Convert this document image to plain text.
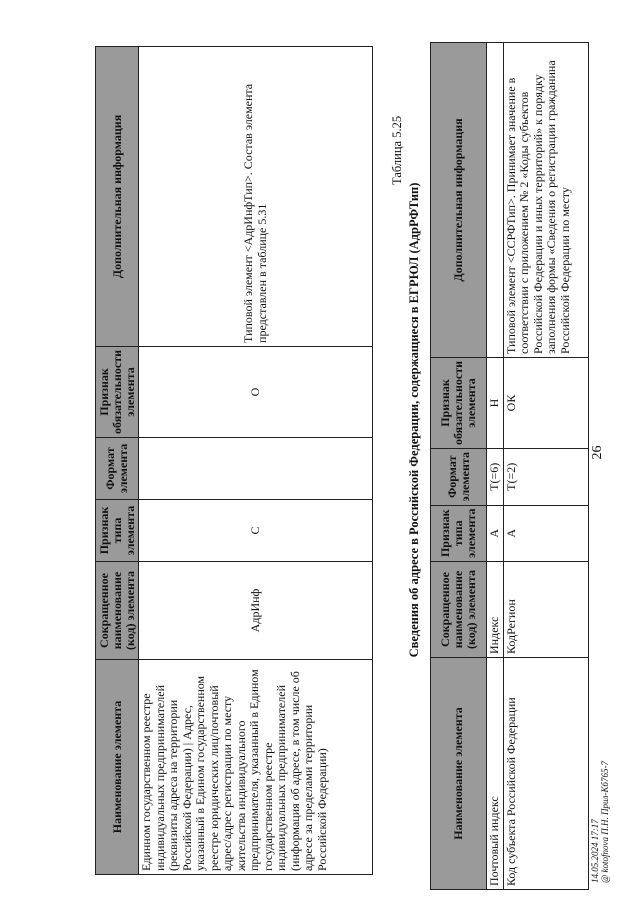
26
Наименование элемента	Сокращенное наименование (код) элемента	Признак типа элемента	Формат элемента	Признак обязательности элемента	Дополнительная информация
Единном государственном реестре индивидуальных предпринимателей (реквизиты адреса на территории Российской Федерации) | Адрес, указанный в Едином государственном реестре юридических лиц/почтовый адрес/адрес регистрации по месту жительства индивидуального предпринимателя, указанный в Едином государственном реестре индивидуальных предпринимателей (информация об адресе, в том числе об адресе за пределами территории Российской Федерации)	АдрИнф	С		О	Типовой элемент <АдрИнфТип>. Состав элемента представлен в таблице 5.31
Таблица 5.25
Сведения об адресе в Российской Федерации, содержащиеся в ЕГРЮЛ (АдрРФТип)
Наименование элемента	Сокращенное наименование (код) элемента	Признак типа элемента	Формат элемента	Признак обязательности элемента	Дополнительная информация
Почтовый индекс	Индекс	А	T(=6)	Н	
Код субъекта Российской Федерации	КодРегион	А	T(=2)	ОК	Типовой элемент <ССРФТип>. Принимает значение в соответствии с приложением № 2 «Коды субъектов Российской Федерации и иных территорий» к порядку заполнения формы «Сведения о регистрации гражданина Российской Федерации по месту
14.05.2024 17:17 @ kotofnova П.Н. Прил-Кб765-7
